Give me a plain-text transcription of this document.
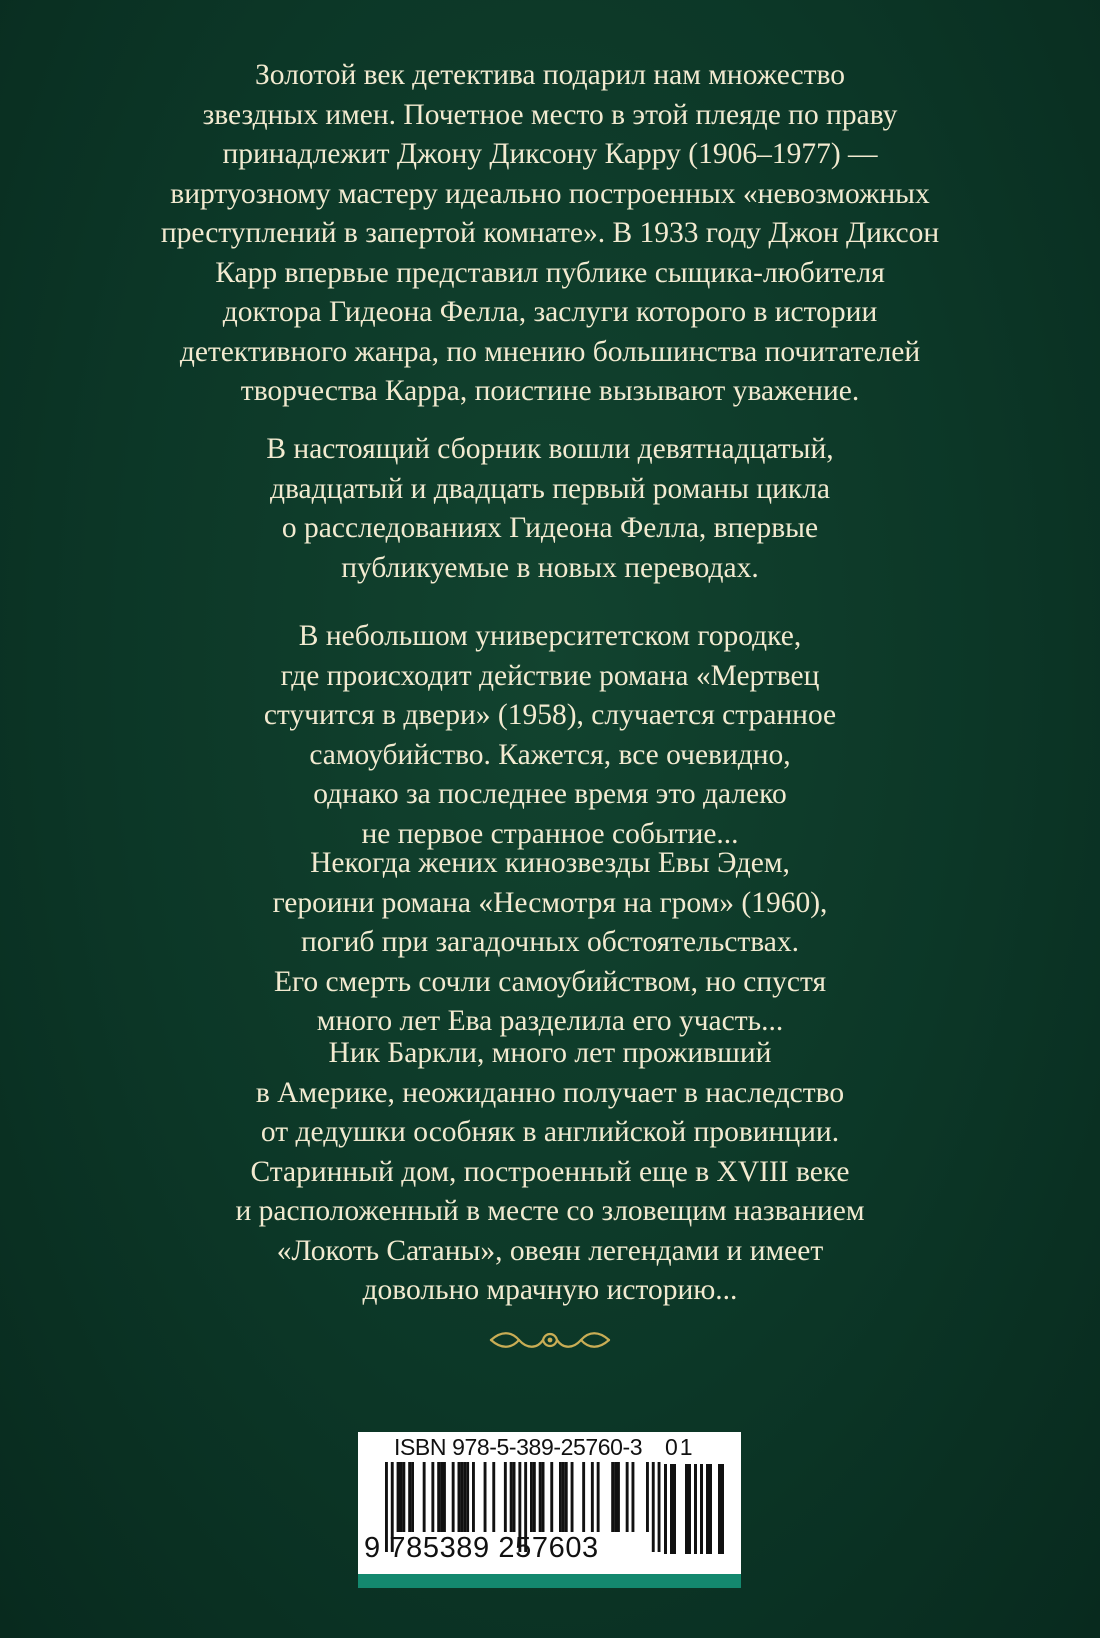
Золотой век детектива подарил нам множество
звездных имен. Почетное место в этой плеяде по праву
принадлежит Джону Диксону Карру (1906–1977) —
виртуозному мастеру идеально построенных «невозможных
преступлений в запертой комнате». В 1933 году Джон Диксон
Карр впервые представил публике сыщика-любителя
доктора Гидеона Фелла, заслуги которого в истории
детективного жанра, по мнению большинства почитателей
творчества Карра, поистине вызывают уважение.
В настоящий сборник вошли девятнадцатый,
двадцатый и двадцать первый романы цикла
о расследованиях Гидеона Фелла, впервые
публикуемые в новых переводах.
В небольшом университетском городке,
где происходит действие романа «Мертвец
стучится в двери» (1958), случается странное
самоубийство. Кажется, все очевидно,
однако за последнее время это далеко
не первое странное событие...
Некогда жених кинозвезды Евы Эдем,
героини романа «Несмотря на гром» (1960),
погиб при загадочных обстоятельствах.
Его смерть сочли самоубийством, но спустя
много лет Ева разделила его участь...
Ник Баркли, много лет проживший
в Америке, неожиданно получает в наследство
от дедушки особняк в английской провинции.
Старинный дом, построенный еще в XVIII веке
и расположенный в месте со зловещим названием
«Локоть Сатаны», овеян легендами и имеет
довольно мрачную историю...
ISBN 978-5-389-25760-3 01
9 785389 257603
